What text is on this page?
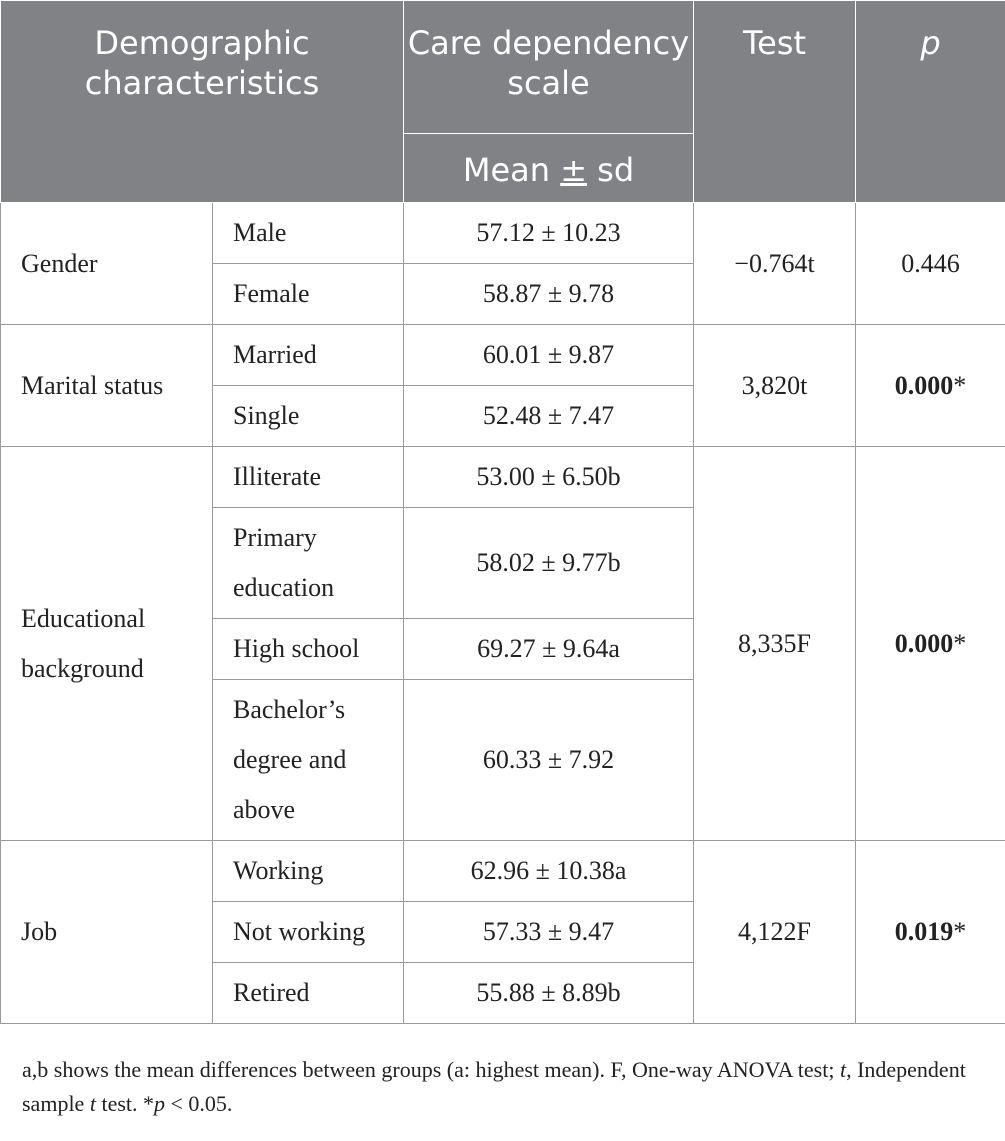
Demographic characteristics		Care dependency scale	Test	p
		Mean ± sd		
Gender	Male	57.12 ± 10.23	−0.764t	0.446
	Female	58.87 ± 9.78		
Marital status	Married	60.01 ± 9.87	3,820t	0.000*
	Single	52.48 ± 7.47		
Educational background	Illiterate	53.00 ± 6.50b	8,335F	0.000*
	Primary education	58.02 ± 9.77b		
	High school	69.27 ± 9.64a		
	Bachelor’s degree and above	60.33 ± 7.92		
Job	Working	62.96 ± 10.38a	4,122F	0.019*
	Not working	57.33 ± 9.47		
	Retired	55.88 ± 8.89b		
a,b shows the mean differences between groups (a: highest mean). F, One-way ANOVA test; t, Independent sample t test. *p < 0.05.
